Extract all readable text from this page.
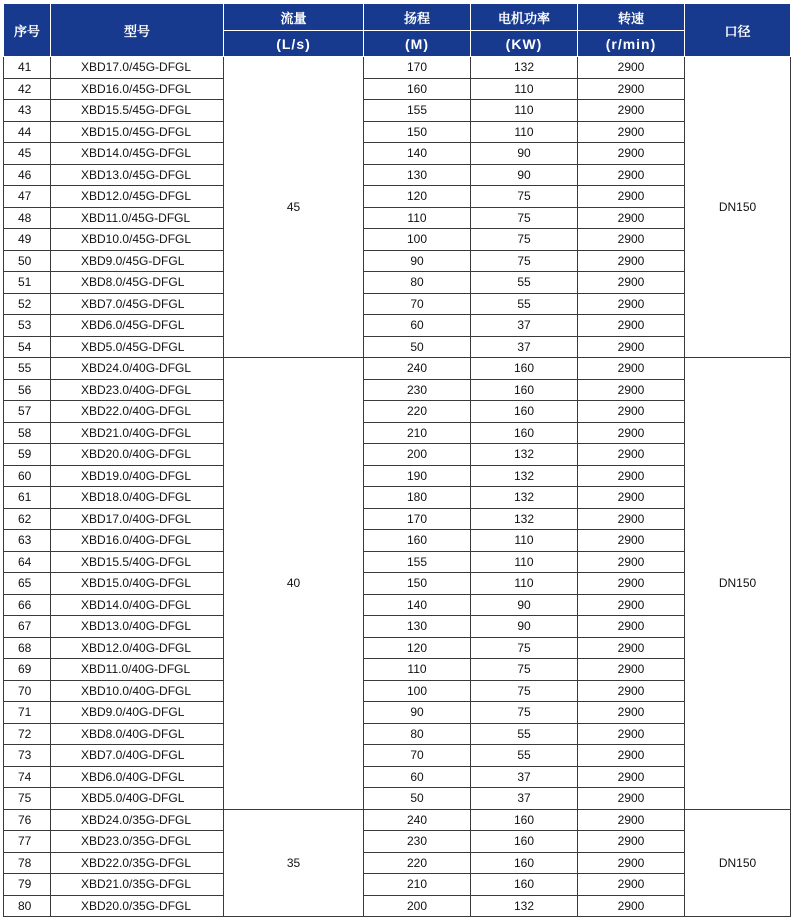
序号	型号	流量	扬程	电机功率	转速	口径
		(L/s)	(M)	(KW)	(r/min)	
41	XBD17.0/45G-DFGL	45	170	132	2900	DN150
42	XBD16.0/45G-DFGL		160	110	2900	
43	XBD15.5/45G-DFGL		155	110	2900	
44	XBD15.0/45G-DFGL		150	110	2900	
45	XBD14.0/45G-DFGL		140	90	2900	
46	XBD13.0/45G-DFGL		130	90	2900	
47	XBD12.0/45G-DFGL		120	75	2900	
48	XBD11.0/45G-DFGL		110	75	2900	
49	XBD10.0/45G-DFGL		100	75	2900	
50	XBD9.0/45G-DFGL		90	75	2900	
51	XBD8.0/45G-DFGL		80	55	2900	
52	XBD7.0/45G-DFGL		70	55	2900	
53	XBD6.0/45G-DFGL		60	37	2900	
54	XBD5.0/45G-DFGL		50	37	2900	
55	XBD24.0/40G-DFGL	40	240	160	2900	DN150
56	XBD23.0/40G-DFGL		230	160	2900	
57	XBD22.0/40G-DFGL		220	160	2900	
58	XBD21.0/40G-DFGL		210	160	2900	
59	XBD20.0/40G-DFGL		200	132	2900	
60	XBD19.0/40G-DFGL		190	132	2900	
61	XBD18.0/40G-DFGL		180	132	2900	
62	XBD17.0/40G-DFGL		170	132	2900	
63	XBD16.0/40G-DFGL		160	110	2900	
64	XBD15.5/40G-DFGL		155	110	2900	
65	XBD15.0/40G-DFGL		150	110	2900	
66	XBD14.0/40G-DFGL		140	90	2900	
67	XBD13.0/40G-DFGL		130	90	2900	
68	XBD12.0/40G-DFGL		120	75	2900	
69	XBD11.0/40G-DFGL		110	75	2900	
70	XBD10.0/40G-DFGL		100	75	2900	
71	XBD9.0/40G-DFGL		90	75	2900	
72	XBD8.0/40G-DFGL		80	55	2900	
73	XBD7.0/40G-DFGL		70	55	2900	
74	XBD6.0/40G-DFGL		60	37	2900	
75	XBD5.0/40G-DFGL		50	37	2900	
76	XBD24.0/35G-DFGL	35	240	160	2900	DN150
77	XBD23.0/35G-DFGL		230	160	2900	
78	XBD22.0/35G-DFGL		220	160	2900	
79	XBD21.0/35G-DFGL		210	160	2900	
80	XBD20.0/35G-DFGL		200	132	2900	
